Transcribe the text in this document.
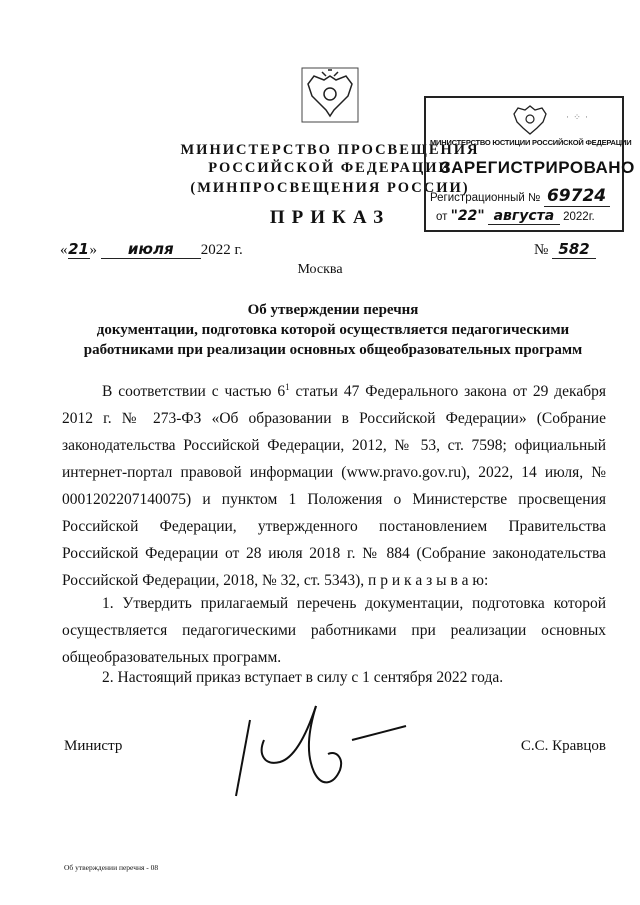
МИНИСТЕРСТВО ПРОСВЕЩЕНИЯ
РОССИЙСКОЙ ФЕДЕРАЦИИ
(МИНПРОСВЕЩЕНИЯ РОССИИ)
ПРИКАЗ
· ⁘ ·
МИНИСТЕРСТВО ЮСТИЦИИ РОССИЙСКОЙ ФЕДЕРАЦИИ
ЗАРЕГИСТРИРОВАНО
Регистрационный № 69724
от "22" августа 2022г.
«21» июля 2022 г.	№ 582
Москва
Об утверждении перечня
документации, подготовка которой осуществляется педагогическими
работниками при реализации основных общеобразовательных программ
В соответствии с частью $6^1$ статьи 47 Федерального закона от 29 декабря 2012 г. № 273-ФЗ «Об образовании в Российской Федерации» (Собрание законодательства Российской Федерации, 2012, № 53, ст. 7598; официальный интернет-портал правовой информации (www.pravo.gov.ru), 2022, 14 июля, № 0001202207140075) и пунктом 1 Положения о Министерстве просвещения Российской Федерации, утвержденного постановлением Правительства Российской Федерации от 28 июля 2018 г. № 884 (Собрание законодательства Российской Федерации, 2018, № 32, ст. 5343), п р и к а з ы в а ю:
1. Утвердить прилагаемый перечень документации, подготовка которой осуществляется педагогическими работниками при реализации основных общеобразовательных программ.
2. Настоящий приказ вступает в силу с 1 сентября 2022 года.
Министр	С.С. Кравцов
Об утверждении перечня - 08
